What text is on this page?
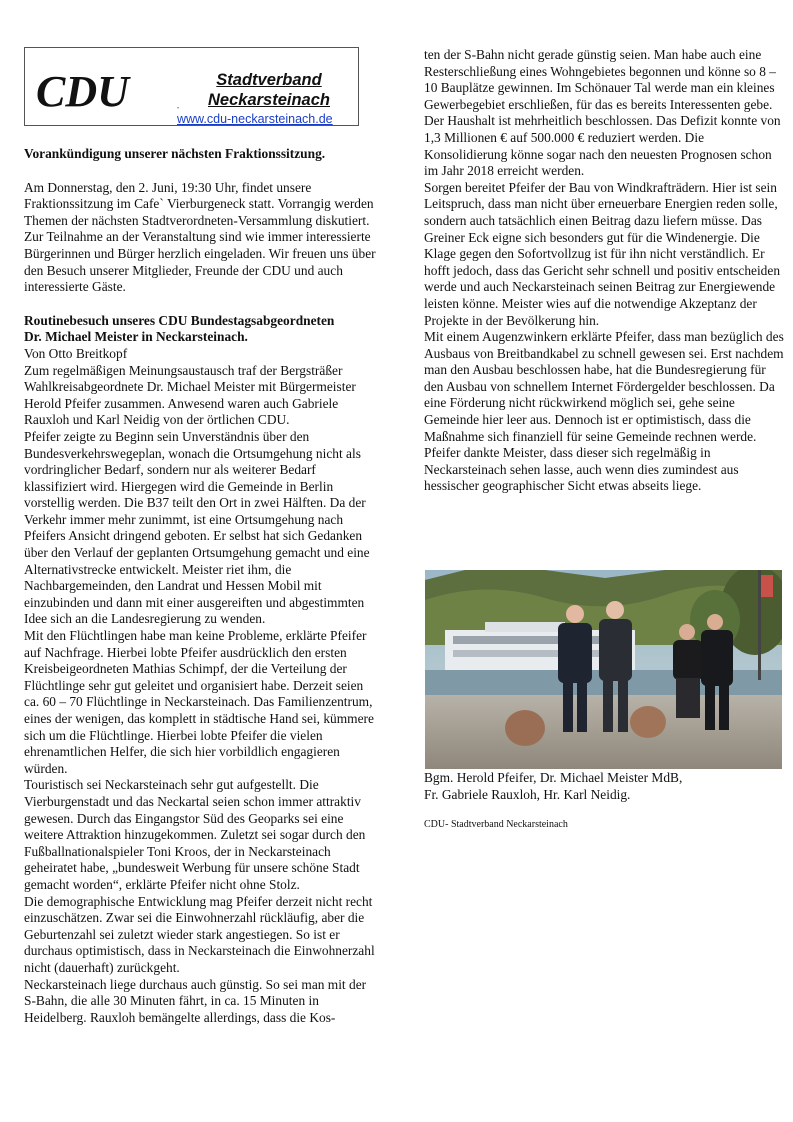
CDU	•
Stadtverband
Neckarsteinach
www.cdu-neckarsteinach.de

Vorankündigung unserer nächsten Fraktionssitzung.

Am Donnerstag, den 2. Juni, 19:30 Uhr, findet unsere Fraktionssitzung im Cafe` Vierburgeneck statt. Vorrangig werden Themen der nächsten Stadtverordneten-Versammlung diskutiert.

Zur Teilnahme an der Veranstaltung sind wie immer interessierte Bürgerinnen und Bürger herzlich eingeladen. Wir freuen uns über den Besuch unserer Mitglieder, Freunde der CDU und auch interessierte Gäste.

Routinebesuch unseres CDU Bundestagsabgeordneten

Dr. Michael Meister in Neckarsteinach.

Von Otto Breitkopf

Zum regelmäßigen Meinungsaustausch traf der Bergsträßer Wahlkreisabgeordnete Dr. Michael Meister mit Bürgermeister Herold Pfeifer zusammen. Anwesend waren auch Gabriele Rauxloh und Karl Neidig von der örtlichen CDU.

Pfeifer zeigte zu Beginn sein Unverständnis über den Bundesverkehrswegeplan, wonach die Ortsumgehung nicht als vordringlicher Bedarf, sondern nur als weiterer Bedarf klassifiziert wird. Hiergegen wird die Gemeinde in Berlin vorstellig werden. Die B37 teilt den Ort in zwei Hälften. Da der Verkehr immer mehr zunimmt, ist eine Ortsumgehung nach Pfeifers Ansicht dringend geboten. Er selbst hat sich Gedanken über den Verlauf der geplanten Ortsumgehung gemacht und eine Alternativstrecke entwickelt. Meister riet ihm, die Nachbargemeinden, den Landrat und Hessen Mobil mit einzubinden und dann mit einer ausgereiften und abgestimmten Idee sich an die Landesregierung zu wenden.

Mit den Flüchtlingen habe man keine Probleme, erklärte Pfeifer auf Nachfrage. Hierbei lobte Pfeifer ausdrücklich den ersten Kreisbeigeordneten Mathias Schimpf, der die Verteilung der Flüchtlinge sehr gut geleitet und organisiert habe. Derzeit seien ca. 60 – 70 Flüchtlinge in Neckarsteinach. Das Familienzentrum, eines der wenigen, das komplett in städtische Hand sei, kümmere sich um die Flüchtlinge. Hierbei lobte Pfeifer die vielen ehrenamtlichen Helfer, die sich hier vorbildlich engagieren würden.

Touristisch sei Neckarsteinach sehr gut aufgestellt. Die Vierburgenstadt und das Neckartal seien schon immer attraktiv gewesen. Durch das Eingangstor Süd des Geoparks sei eine weitere Attraktion hinzugekommen. Zuletzt sei sogar durch den Fußballnationalspieler Toni Kroos, der in Neckarsteinach geheiratet habe, „bundesweit Werbung für unsere schöne Stadt gemacht worden“, erklärte Pfeifer nicht ohne Stolz.

Die demographische Entwicklung mag Pfeifer derzeit nicht recht einzuschätzen. Zwar sei die Einwohnerzahl rückläufig, aber die Geburtenzahl sei zuletzt wieder stark angestiegen. So ist er durchaus optimistisch, dass in Neckarsteinach die Einwohnerzahl nicht (dauerhaft) zurückgeht.

Neckarsteinach liege durchaus auch günstig. So sei man mit der S-Bahn, die alle 30 Minuten fährt, in ca. 15 Minuten in Heidelberg. Rauxloh bemängelte allerdings, dass die Kos-

ten der S-Bahn nicht gerade günstig seien. Man habe auch eine Resterschließung eines Wohngebietes begonnen und könne so 8 – 10 Bauplätze gewinnen. Im Schönauer Tal werde man ein kleines Gewerbegebiet erschließen, für das es bereits Interessenten gebe.

Der Haushalt ist mehrheitlich beschlossen. Das Defizit konnte von 1,3 Millionen € auf 500.000 € reduziert werden. Die Konsolidierung könne sogar nach den neuesten Prognosen schon im Jahr 2018 erreicht werden.

Sorgen bereitet Pfeifer der Bau von Windkrafträdern. Hier ist sein Leitspruch, dass man nicht über erneuerbare Energien reden solle, sondern auch tatsächlich einen Beitrag dazu liefern müsse. Das Greiner Eck eigne sich besonders gut für die Windenergie. Die Klage gegen den Sofortvollzug ist für ihn nicht verständlich. Er hofft jedoch, dass das Gericht sehr schnell und positiv entscheiden werde und auch Neckarsteinach seinen Beitrag zur Energiewende leisten könne. Meister wies auf die notwendige Akzeptanz der Projekte in der Bevölkerung hin.

Mit einem Augenzwinkern erklärte Pfeifer, dass man bezüglich des Ausbaus von Breitbandkabel zu schnell gewesen sei. Erst nachdem man den Ausbau beschlossen habe, hat die Bundesregierung für den Ausbau von schnellem Internet Fördergelder beschlossen. Da eine Förderung nicht rückwirkend möglich sei, gehe seine Gemeinde hier leer aus. Dennoch ist er optimistisch, dass die Maßnahme sich finanziell für seine Gemeinde rechnen werde.

Pfeifer dankte Meister, dass dieser sich regelmäßig in Neckarsteinach sehen lasse, auch wenn dies zumindest aus hessischer geographischer Sicht etwas abseits liege.

Bgm. Herold Pfeifer, Dr. Michael Meister MdB,
Fr. Gabriele Rauxloh, Hr. Karl Neidig.
CDU- Stadtverband Neckarsteinach
